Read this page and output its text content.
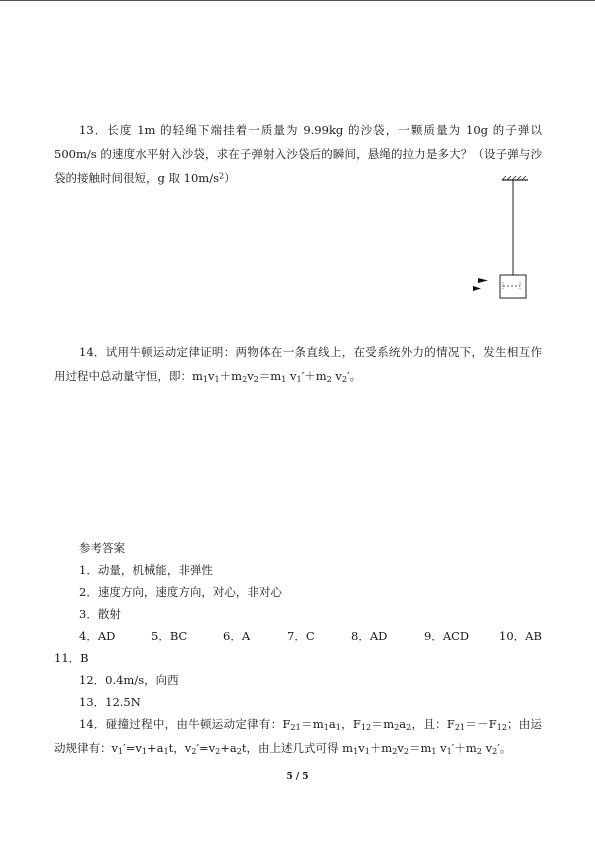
13．长度 1m 的轻绳下端挂着一质量为 9.99kg 的沙袋，一颗质量为 10g 的子弹以 500m/s 的速度水平射入沙袋，求在子弹射入沙袋后的瞬间，悬绳的拉力是多大？（设子弹与沙袋的接触时间很短，g 取 $10m/s^2$）
14．试用牛顿运动定律证明：两物体在一条直线上，在受系统外力的情况下，发生相互作用过程中总动量守恒，即：$m_1v_1+m_2v_2=m_1$ $v_1'+m_2$ $v_2'$。
参考答案
1．动量，机械能，非弹性
2．速度方向，速度方向，对心，非对心
3．散射
4．AD	5．BC	6．A	7．C	8．AD	9．ACD	10．AB
11．B
12．0.4m/s，向西
13．12.5N
14．碰撞过程中，由牛顿运动定律有：$F_{21}=m_1a_1$，$F_{12}=m_2a_2$，且：$F_{21}=-F_{12}$；由运动规律有：$v_1'=v_1+a_1t$，$v_2'=v_2+a_2t$，由上述几式可得 $m_1v_1+m_2v_2=m_1$ $v_1'+m_2$ $v_2'$。
5 / 5
